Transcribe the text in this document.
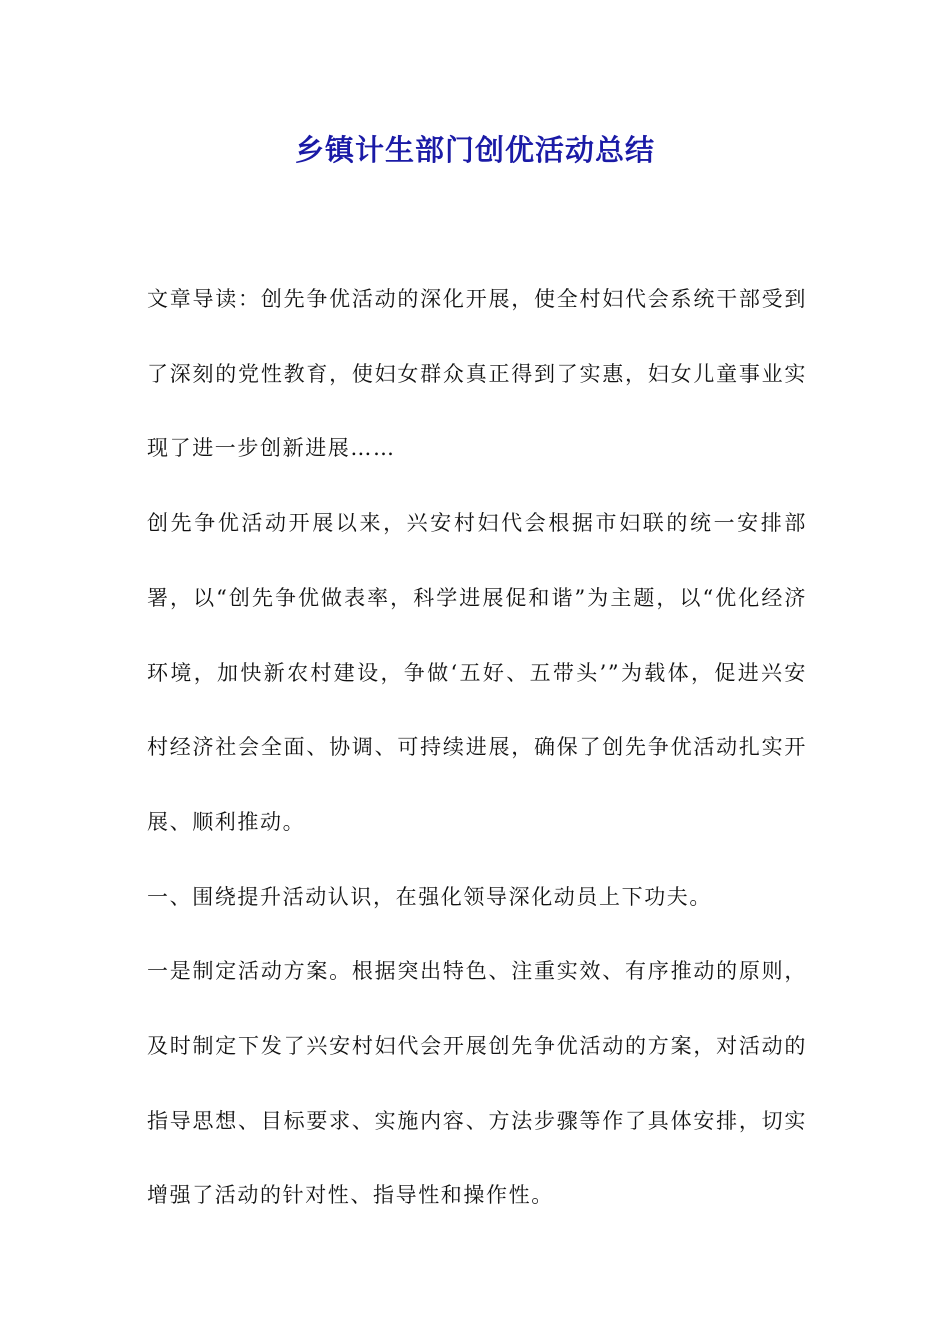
乡镇计生部门创优活动总结

文章导读：创先争优活动的深化开展，使全村妇代会系统干部受到了深刻的党性教育，使妇女群众真正得到了实惠，妇女儿童事业实现了进一步创新进展……

创先争优活动开展以来，兴安村妇代会根据市妇联的统一安排部署，以“创先争优做表率，科学进展促和谐”为主题，以“优化经济环境，加快新农村建设，争做‘五好、五带头’”为载体，促进兴安村经济社会全面、协调、可持续进展，确保了创先争优活动扎实开展、顺利推动。

一、围绕提升活动认识，在强化领导深化动员上下功夫。

一是制定活动方案。根据突出特色、注重实效、有序推动的原则，及时制定下发了兴安村妇代会开展创先争优活动的方案，对活动的指导思想、目标要求、实施内容、方法步骤等作了具体安排，切实增强了活动的针对性、指导性和操作性。
